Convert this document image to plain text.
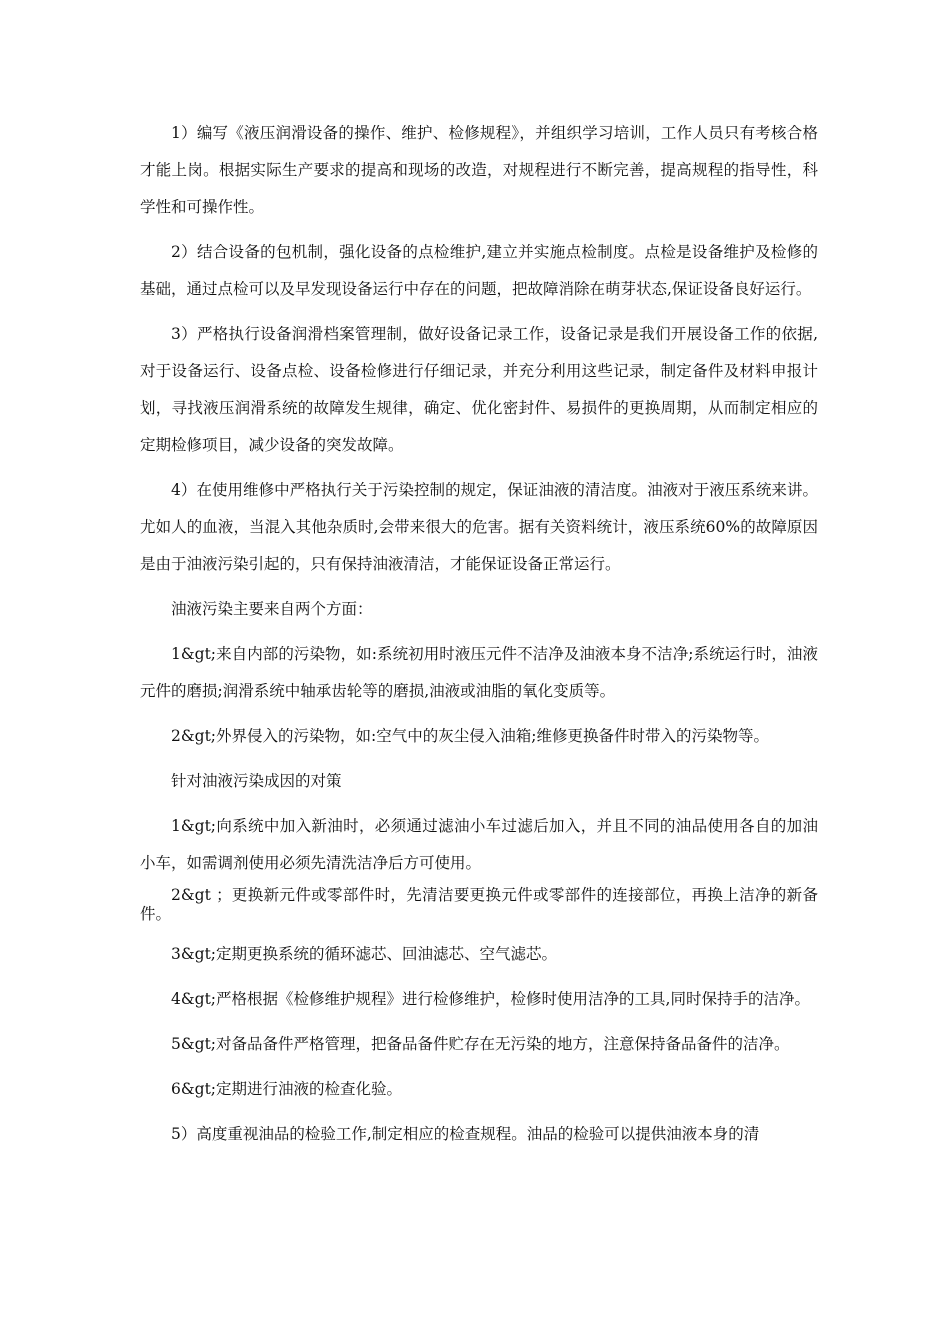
1）编写《液压润滑设备的操作、维护、检修规程》，并组织学习培训，工作人员只有考核合格才能上岗。根据实际生产要求的提高和现场的改造，对规程进行不断完善，提高规程的指导性，科学性和可操作性。

2）结合设备的包机制，强化设备的点检维护,建立并实施点检制度。点检是设备维护及检修的基础，通过点检可以及早发现设备运行中存在的问题，把故障消除在萌芽状态,保证设备良好运行。

3）严格执行设备润滑档案管理制，做好设备记录工作，设备记录是我们开展设备工作的依据,对于设备运行、设备点检、设备检修进行仔细记录，并充分利用这些记录，制定备件及材料申报计划，寻找液压润滑系统的故障发生规律，确定、优化密封件、易损件的更换周期，从而制定相应的定期检修项目，减少设备的突发故障。

4）在使用维修中严格执行关于污染控制的规定，保证油液的清洁度。油液对于液压系统来讲。尤如人的血液，当混入其他杂质时,会带来很大的危害。据有关资料统计，液压系统60%的故障原因是由于油液污染引起的，只有保持油液清洁，才能保证设备正常运行。

油液污染主要来自两个方面：

1&gt;来自内部的污染物，如:系统初用时液压元件不洁净及油液本身不洁净;系统运行时，油液元件的磨损;润滑系统中轴承齿轮等的磨损,油液或油脂的氧化变质等。

2&gt;外界侵入的污染物，如:空气中的灰尘侵入油箱;维修更换备件时带入的污染物等。

针对油液污染成因的对策

1&gt;向系统中加入新油时，必须通过滤油小车过滤后加入，并且不同的油品使用各自的加油小车，如需调剂使用必须先清洗洁净后方可使用。

2&gt ；更换新元件或零部件时，先清洁要更换元件或零部件的连接部位，再换上洁净的新备件。

3&gt;定期更换系统的循环滤芯、回油滤芯、空气滤芯。

4&gt;严格根据《检修维护规程》进行检修维护，检修时使用洁净的工具,同时保持手的洁净。

5&gt;对备品备件严格管理，把备品备件贮存在无污染的地方，注意保持备品备件的洁净。

6&gt;定期进行油液的检查化验。

5）高度重视油品的检验工作,制定相应的检查规程。油品的检验可以提供油液本身的清
